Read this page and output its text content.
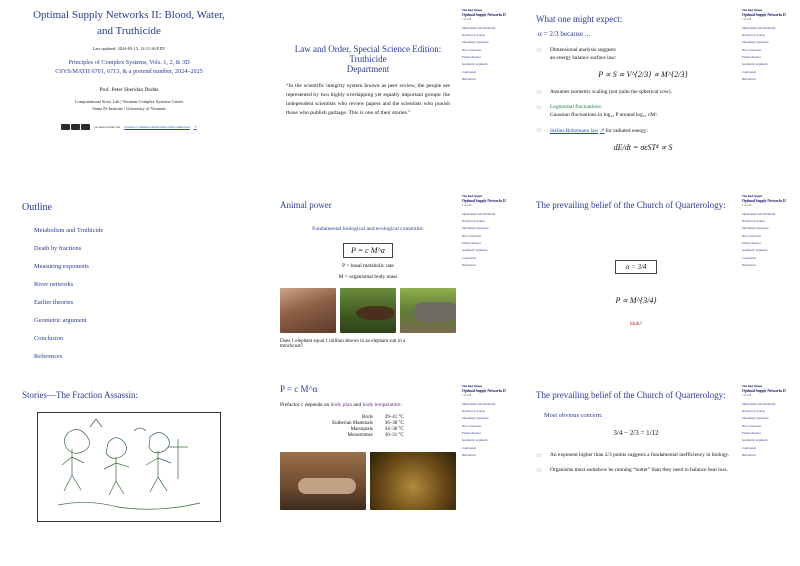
Optimal Supply Networks II: Blood, Water,
and Truthicide
Last updated: 2024-05-15, 14:11:36 EDT
Principles of Complex Systems, Vols. 1, 2, & 3D
CSYS/MATH 6701, 6713, & a pretend number, 2024–2025
Prof. Peter Sheridan Dodds
Computational Story Lab | Vermont Complex Systems Center
Santa Fe Institute | University of Vermont
Licensed under the Creative Commons Attribution-NonCommercial ↗
The Red Queen
Optimal Supply Networks II
1 of 122
Metabolism and Truthicide
Death by fractions
Measuring exponents
River networks
Earlier theories
Geometric argument
Conclusion
References
Law and Order, Special Science Edition: Truthicide
Department
“In the scientific integrity system known as peer review, the people are represented by two highly overlapping yet equally important groups: the independent scientists who review papers and the scientists who punish those who publish garbage. This is one of their stories.”
The Red Queen
Optimal Supply Networks II
1 of 122
Metabolism and Truthicide
Death by fractions
Measuring exponents
River networks
Earlier theories
Geometric argument
Conclusion
References
What one might expect:
α = 2/3 because ...
◌◌ Dimensional analysis suggests
an energy balance surface law:
P ∝ S ∝ V^{2/3} ∝ M^{2/3}
◌◌ Assumes isometric scaling (not quite the spherical cow).
◌◌ Lognormal fluctuations:
Gaussian fluctuations in log₁₀ P around log₁₀ cMᵅ.
◌◌ Stefan-Boltzmann law ↗ for radiated energy:
dE/dt = σεST⁴ ∝ S
Outline
Metabolism and Truthicide
Death by fractions
Measuring exponents
River networks
Earlier theories
Geometric argument
Conclusion
References
The Red Queen
Optimal Supply Networks II
1 of 122
Metabolism and Truthicide
Death by fractions
Measuring exponents
River networks
Earlier theories
Geometric argument
Conclusion
References
Animal power
Fundamental biological and ecological constraint:
P = c M^α
P = basal metabolic rate
M = organismal body mass
Does 1 elephant equal 1 million shrews in an elephant suit in a
trenchcoat?
The Red Queen
Optimal Supply Networks II
1 of 122
Metabolism and Truthicide
Death by fractions
Measuring exponents
River networks
Earlier theories
Geometric argument
Conclusion
References
The prevailing belief of the Church of Quarterology:
α = 3/4
P ∝ M^{3/4}
Huh?
Stories—The Fraction Assassin:
The Red Queen
Optimal Supply Networks II
1 of 122
Metabolism and Truthicide
Death by fractions
Measuring exponents
River networks
Earlier theories
Geometric argument
Conclusion
References
P = c M^α
Prefactor c depends on body plan and body temperature:
Birds	39–41 °C
Eutherian Mammals	36–38 °C
Marsupials	34–36 °C
Monotremes	30–31 °C
The Red Queen
Optimal Supply Networks II
1 of 122
Metabolism and Truthicide
Death by fractions
Measuring exponents
River networks
Earlier theories
Geometric argument
Conclusion
References
The prevailing belief of the Church of Quarterology:
Most obvious concern:
3/4 − 2/3 = 1/12
◌◌ An exponent higher than 2/3 points suggests a fundamental inefficiency in biology.
◌◌ Organisms must somehow be running “hotter” than they need to balance heat loss.
